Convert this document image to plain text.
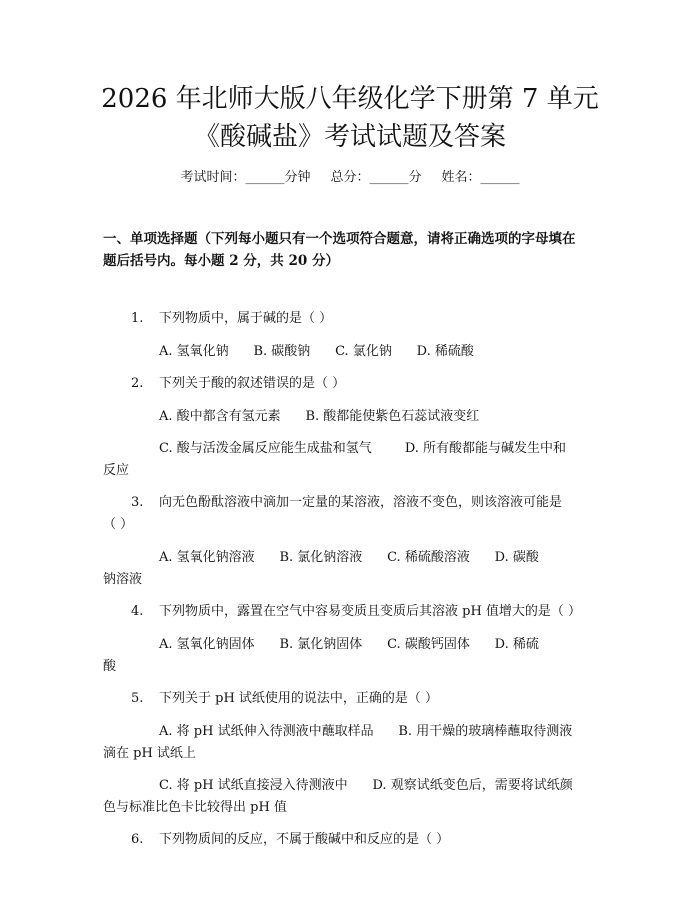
2026 年北师大版八年级化学下册第 7 单元
《酸碱盐》考试试题及答案
考试时间：______分钟 总分：______分 姓名：______
一、单项选择题（下列每小题只有一个选项符合题意，请将正确选项的字母填在
题后括号内。每小题 2 分，共 20 分）
1. 下列物质中，属于碱的是（ ）
A. 氢氧化钠 B. 碳酸钠 C. 氯化钠 D. 稀硫酸
2. 下列关于酸的叙述错误的是（ ）
A. 酸中都含有氢元素 B. 酸都能使紫色石蕊试液变红
C. 酸与活泼金属反应能生成盐和氢气	D. 所有酸都能与碱发生中和
反应
3. 向无色酚酞溶液中滴加一定量的某溶液，溶液不变色，则该溶液可能是
（ ）
A. 氢氧化钠溶液 B. 氯化钠溶液 C. 稀硫酸溶液 D. 碳酸
钠溶液
4. 下列物质中，露置在空气中容易变质且变质后其溶液 pH 值增大的是（ ）
A. 氢氧化钠固体 B. 氯化钠固体 C. 碳酸钙固体 D. 稀硫
酸
5. 下列关于 pH 试纸使用的说法中，正确的是（ ）
A. 将 pH 试纸伸入待测液中蘸取样品 B. 用干燥的玻璃棒蘸取待测液
滴在 pH 试纸上
C. 将 pH 试纸直接浸入待测液中 D. 观察试纸变色后，需要将试纸颜
色与标准比色卡比较得出 pH 值
6. 下列物质间的反应，不属于酸碱中和反应的是（ ）
